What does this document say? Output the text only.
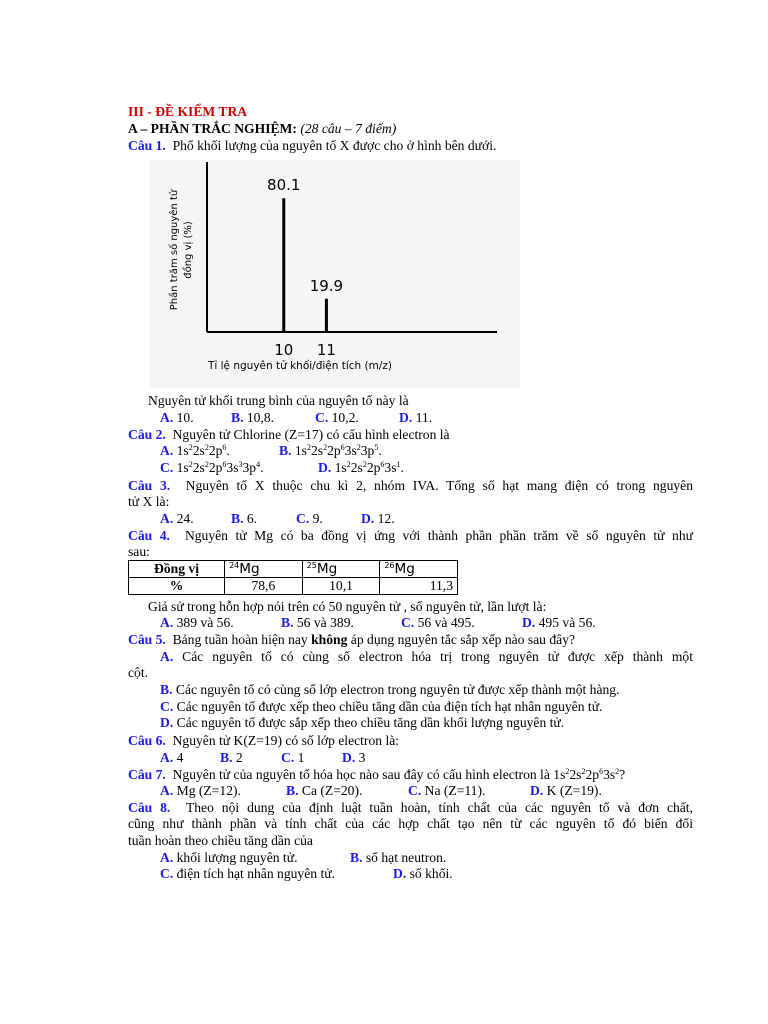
III - ĐỀ KIỂM TRA
A – PHẦN TRẮC NGHIỆM: (28 câu – 7 điểm)
Câu 1. Phổ khối lượng của nguyên tố X được cho ở hình bên dưới.
80.1
19.9
10 11
Tỉ lệ nguyên tử khối/điện tích (m/z)
Phần trăm số nguyên tử đồng vị (%)
Nguyên tử khối trung bình của nguyên tố này là
A. 10.	B. 10,8.	C. 10,2.	D. 11.
Câu 2. Nguyên tử Chlorine (Z=17) có cấu hình electron là
A. $1s^22s^22p^6$.	B. $1s^22s^22p^63s^23p^5$.
C. $1s^22s^22p^63s^33p^4$.	D. $1s^22s^22p^63s^1$.
Câu 3. Nguyên tố X thuộc chu kì 2, nhóm IVA. Tổng số hạt mang điện có trong nguyên
tử X là:
A. 24.	B. 6.	C. 9.	D. 12.
Câu 4. Nguyên tử Mg có ba đồng vị ứng với thành phần phần trăm về số nguyên tử như
sau:
Đồng vị	$^{24}$Mg	$^{25}$Mg	$^{26}$Mg
%	78,6	10,1	11,3
Giả sử trong hỗn hợp nói trên có 50 nguyên tử , số nguyên tử, lần lượt là:
A. 389 và 56.	B. 56 và 389.	C. 56 và 495.	D. 495 và 56.
Câu 5. Bảng tuần hoàn hiện nay không áp dụng nguyên tắc sắp xếp nào sau đây?
A. Các nguyên tố có cùng số electron hóa trị trong nguyên tử được xếp thành một
cột.
B. Các nguyên tố có cùng số lớp electron trong nguyên tử được xếp thành một hàng.
C. Các nguyên tố được xếp theo chiều tăng dần của điện tích hạt nhân nguyên tử.
D. Các nguyên tố được sắp xếp theo chiều tăng dần khối lượng nguyên tử.
Câu 6. Nguyên tử K(Z=19) có số lớp electron là:
A. 4	B. 2	C. 1	D. 3
Câu 7. Nguyên tử của nguyên tố hóa học nào sau đây có cấu hình electron là $1s^22s^22p^63s^2$?
A. Mg (Z=12).	B. Ca (Z=20).	C. Na (Z=11).	D. K (Z=19).
Câu 8. Theo nội dung của định luật tuần hoàn, tính chất của các nguyên tố và đơn chất,
cũng như thành phần và tính chất của các hợp chất tạo nên từ các nguyên tố đó biến đổi
tuần hoàn theo chiều tăng dần của
A. khối lượng nguyên tử.	B. số hạt neutron.
C. điện tích hạt nhân nguyên tử.	D. số khối.
